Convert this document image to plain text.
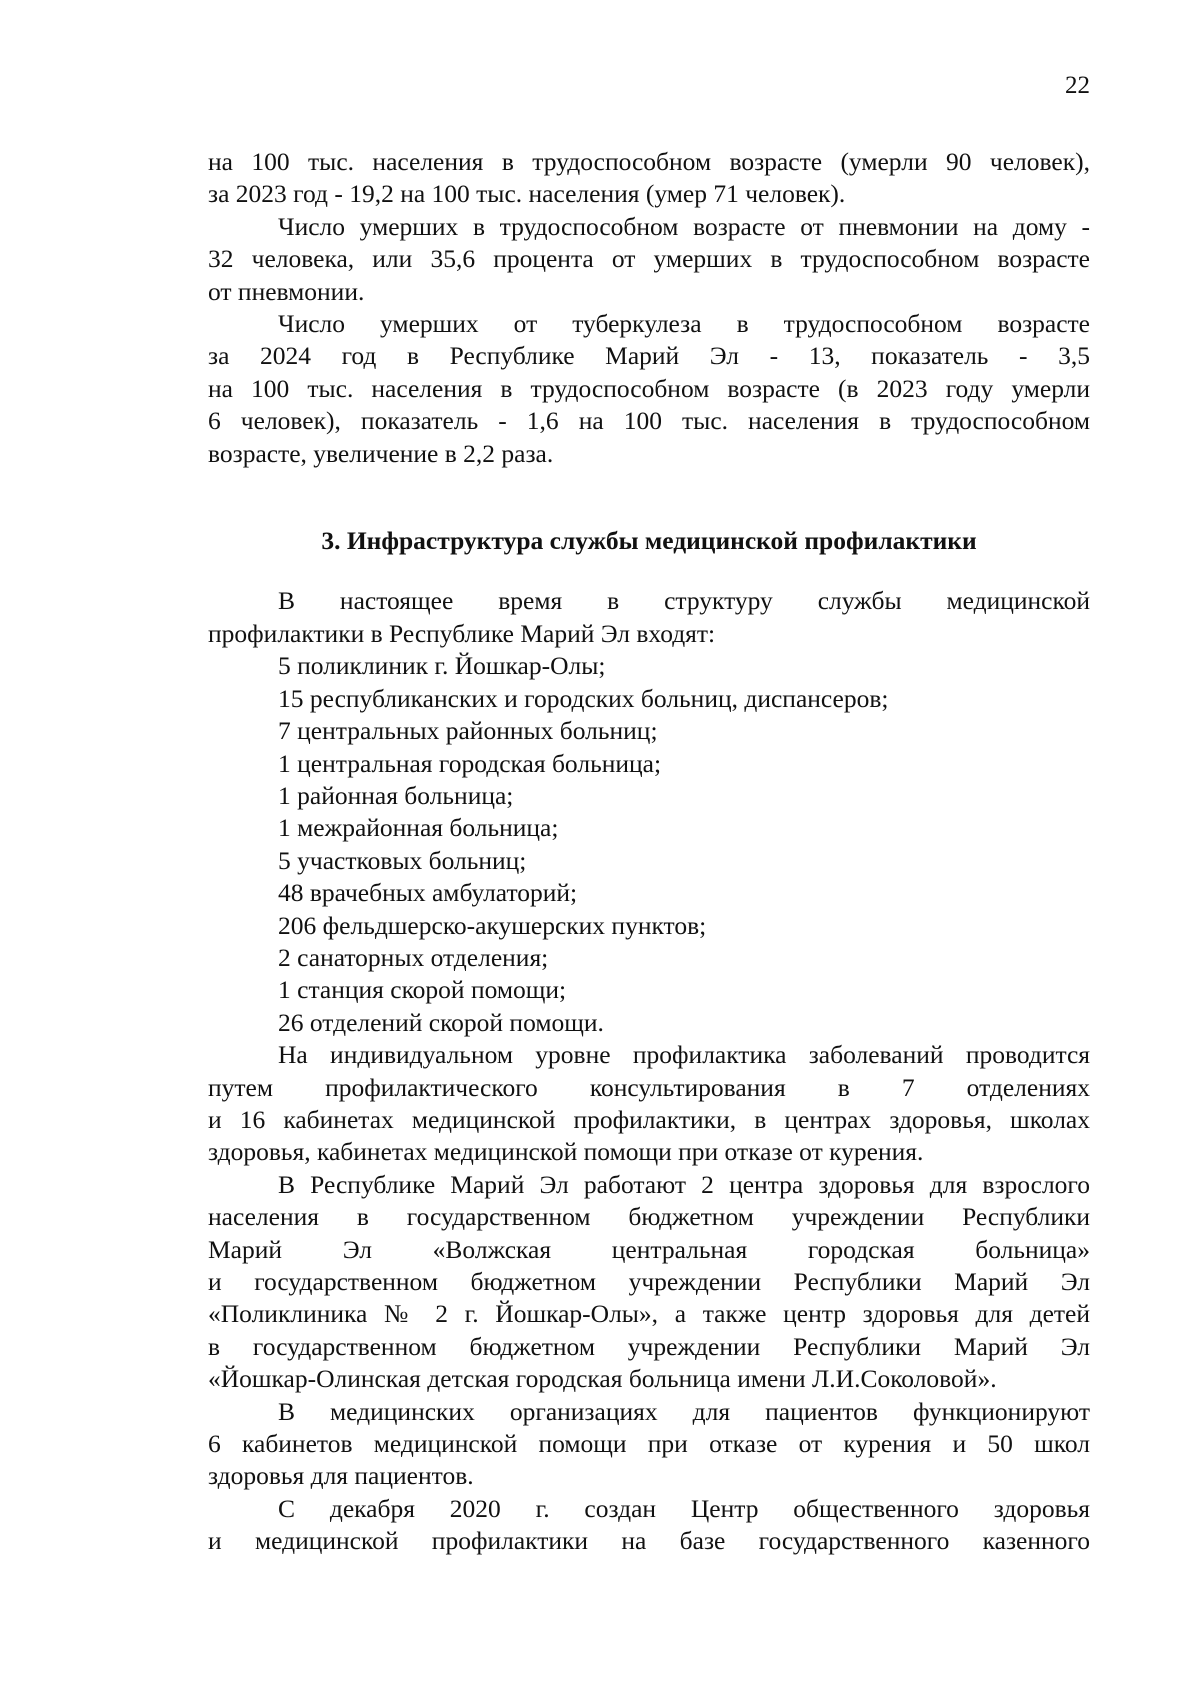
22

на 100 тыс. населения в трудоспособном возрасте (умерли 90 человек),

за 2023 год - 19,2 на 100 тыс. населения (умер 71 человек).

Число умерших в трудоспособном возрасте от пневмонии на дому -

32 человека, или 35,6 процента от умерших в трудоспособном возрасте

от пневмонии.

Число умерших от туберкулеза в трудоспособном возрасте

за 2024 год в Республике Марий Эл - 13, показатель - 3,5

на 100 тыс. населения в трудоспособном возрасте (в 2023 году умерли

6 человек), показатель - 1,6 на 100 тыс. населения в трудоспособном

возрасте, увеличение в 2,2 раза.

3. Инфраструктура службы медицинской профилактики

В настоящее время в структуру службы медицинской

профилактики в Республике Марий Эл входят:

5 поликлиник г. Йошкар-Олы;

15 республиканских и городских больниц, диспансеров;

7 центральных районных больниц;

1 центральная городская больница;

1 районная больница;

1 межрайонная больница;

5 участковых больниц;

48 врачебных амбулаторий;

206 фельдшерско-акушерских пунктов;

2 санаторных отделения;

1 станция скорой помощи;

26 отделений скорой помощи.

На индивидуальном уровне профилактика заболеваний проводится

путем профилактического консультирования в 7 отделениях

и 16 кабинетах медицинской профилактики, в центрах здоровья, школах

здоровья, кабинетах медицинской помощи при отказе от курения.

В Республике Марий Эл работают 2 центра здоровья для взрослого

населения в государственном бюджетном учреждении Республики

Марий Эл «Волжская центральная городская больница»

и государственном бюджетном учреждении Республики Марий Эл

«Поликлиника № 2 г. Йошкар-Олы», а также центр здоровья для детей

в государственном бюджетном учреждении Республики Марий Эл

«Йошкар-Олинская детская городская больница имени Л.И.Соколовой».

В медицинских организациях для пациентов функционируют

6 кабинетов медицинской помощи при отказе от курения и 50 школ

здоровья для пациентов.

С декабря 2020 г. создан Центр общественного здоровья

и медицинской профилактики на базе государственного казенного
